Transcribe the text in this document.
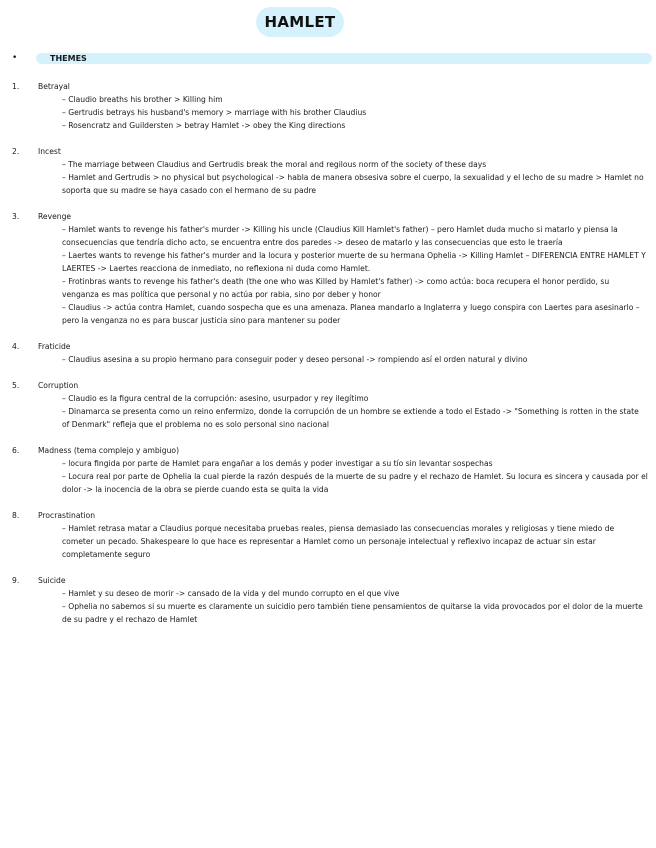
HAMLET
•	THEMES
1.	Betrayal
– Claudio breaths his brother > Killing him
– Gertrudis betrays his husband's memory > marriage with his brother Claudius
– Rosencratz and Guildersten > betray Hamlet -> obey the King directions
2.	Incest
– The marriage between Claudius and Gertrudis break the moral and regilous norm of the society of these days
– Hamlet and Gertrudis > no physical but psychological -> habla de manera obsesiva sobre el cuerpo, la sexualidad y el lecho de su madre > Hamlet no soporta que su madre se haya casado con el hermano de su padre
3.	Revenge
– Hamlet wants to revenge his father's murder -> Killing his uncle (Claudius Kill Hamlet's father) – pero Hamlet duda mucho si matarlo y piensa la consecuencias que tendría dicho acto, se encuentra entre dos paredes -> deseo de matarlo y las consecuencias que esto le traería
– Laertes wants to revenge his father's murder and la locura y posterior muerte de su hermana Ophelia -> Killing Hamlet – DIFERENCIA ENTRE HAMLET Y LAERTES -> Laertes reacciona de inmediato, no reflexiona ni duda como Hamlet.
– Frotinbras wants to revenge his father's death (the one who was Killed by Hamlet's father) -> como actúa: boca recupera el honor perdido, su venganza es mas política que personal y no actúa por rabia, sino por deber y honor
– Claudius -> actúa contra Hamlet, cuando sospecha que es una amenaza. Planea mandarlo a Inglaterra y luego conspira con Laertes para asesinarlo – pero la venganza no es para buscar justicia sino para mantener su poder
4.	Fraticide
– Claudius asesina a su propio hermano para conseguir poder y deseo personal -> rompiendo así el orden natural y divino
5.	Corruption
– Claudio es la figura central de la corrupción: asesino, usurpador y rey ilegítimo
– Dinamarca se presenta como un reino enfermizo, donde la corrupción de un hombre se extiende a todo el Estado -> "Something is rotten in the state of Denmark" refleja que el problema no es solo personal sino nacional
6.	Madness (tema complejo y ambiguo)
– locura fingida por parte de Hamlet para engañar a los demás y poder investigar a su tío sin levantar sospechas
– Locura real por parte de Ophelia la cual pierde la razón después de la muerte de su padre y el rechazo de Hamlet. Su locura es sincera y causada por el dolor -> la inocencia de la obra se pierde cuando esta se quita la vida
8.	Procrastination
– Hamlet retrasa matar a Claudius porque necesitaba pruebas reales, piensa demasiado las consecuencias morales y religiosas y tiene miedo de cometer un pecado. Shakespeare lo que hace es representar a Hamlet como un personaje intelectual y reflexivo incapaz de actuar sin estar completamente seguro
9.	Suicide
– Hamlet y su deseo de morir -> cansado de la vida y del mundo corrupto en el que vive
– Ophelia no sabemos si su muerte es claramente un suicidio pero también tiene pensamientos de quitarse la vida provocados por el dolor de la muerte de su padre y el rechazo de Hamlet
